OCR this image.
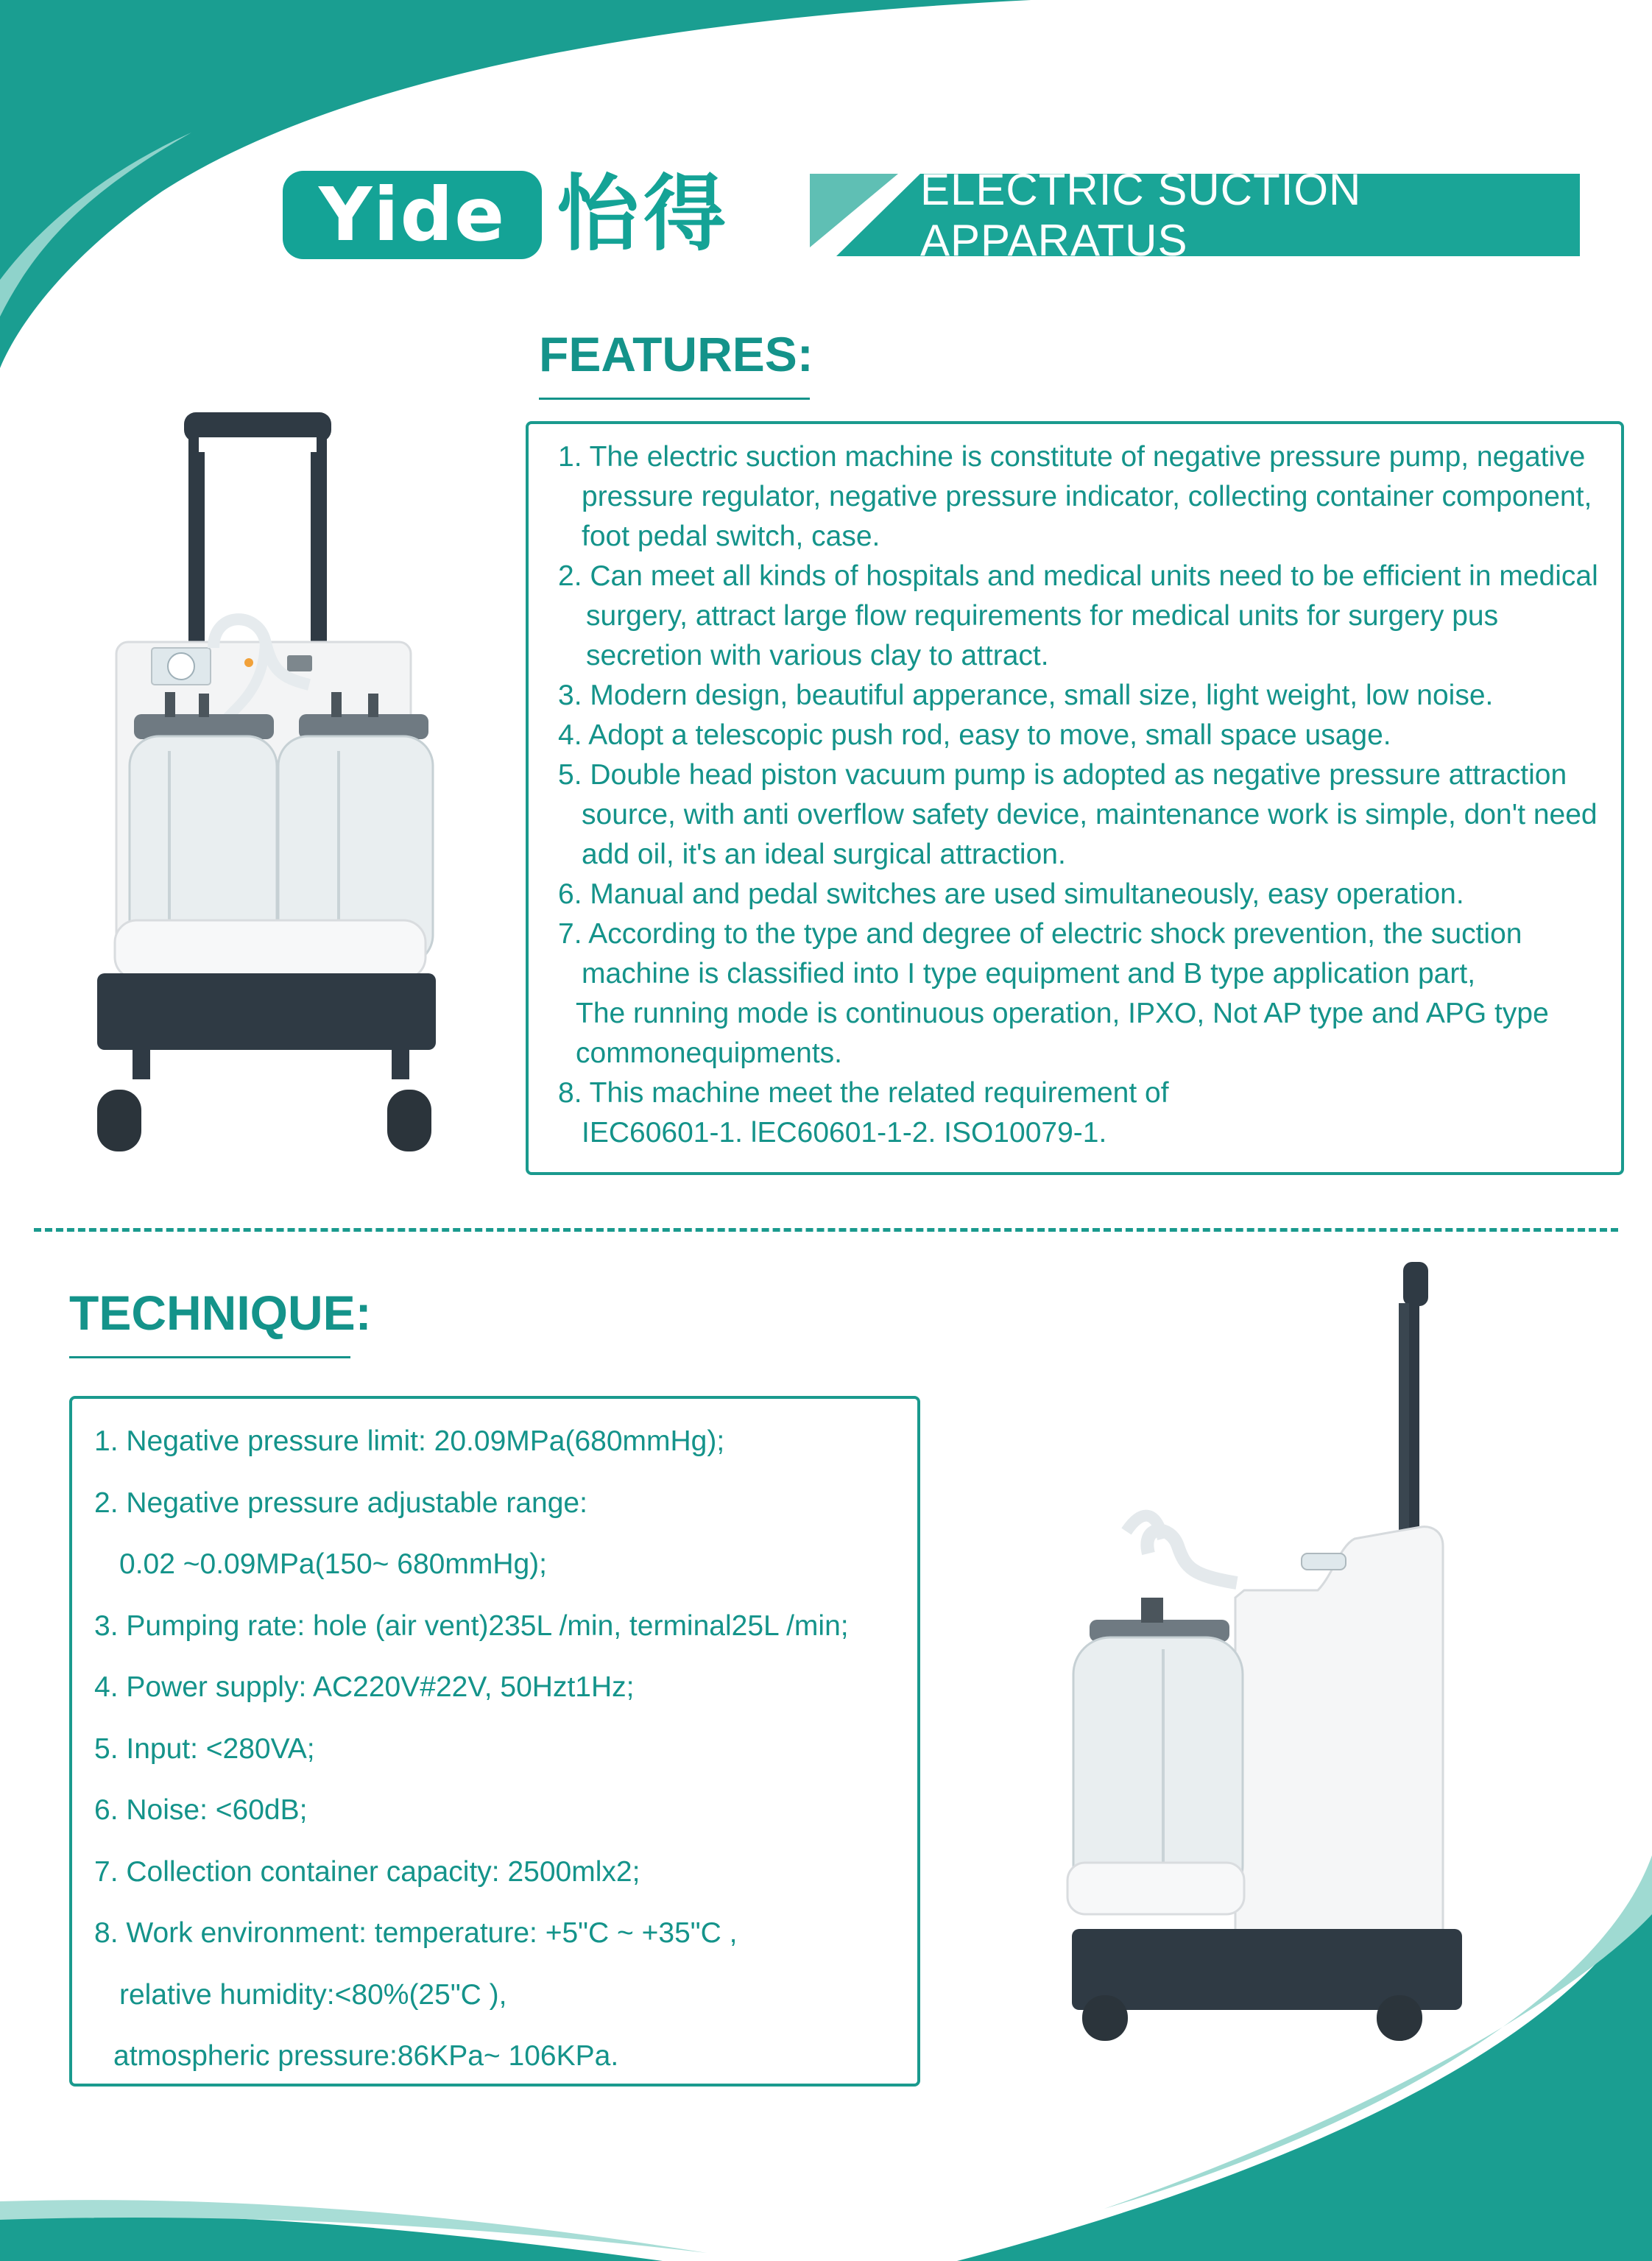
Yide 怡得	ELECTRIC SUCTION APPARATUS
FEATURES:
1. The electric suction machine is constitute of negative pressure pump, negative
pressure regulator, negative pressure indicator, collecting container component,
foot pedal switch, case.
2. Can meet all kinds of hospitals and medical units need to be efficient in medical
surgery, attract large flow requirements for medical units for surgery pus
secretion with various clay to attract.
3. Modern design, beautiful apperance, small size, light weight, low noise.
4. Adopt a telescopic push rod, easy to move, small space usage.
5. Double head piston vacuum pump is adopted as negative pressure attraction
source, with anti overflow safety device, maintenance work is simple, don't need
add oil, it's an ideal surgical attraction.
6. Manual and pedal switches are used simultaneously, easy operation.
7. According to the type and degree of electric shock prevention, the suction
machine is classified into I type equipment and B type application part,
The running mode is continuous operation, IPXO, Not AP type and APG type
commonequipments.
8. This machine meet the related requirement of
IEC60601-1. lEC60601-1-2. ISO10079-1.
TECHNIQUE:
1. Negative pressure limit: 20.09MPa(680mmHg);
2. Negative pressure adjustable range:
0.02 ~0.09MPa(150~ 680mmHg);
3. Pumping rate: hole (air vent)235L /min, terminal25L /min;
4. Power supply: AC220V#22V, 50Hzt1Hz;
5. Input: <280VA;
6. Noise: <60dB;
7. Collection container capacity: 2500mlx2;
8. Work environment: temperature: +5"C ~ +35"C ,
relative humidity:<80%(25"C ),
atmospheric pressure:86KPa~ 106KPa.
